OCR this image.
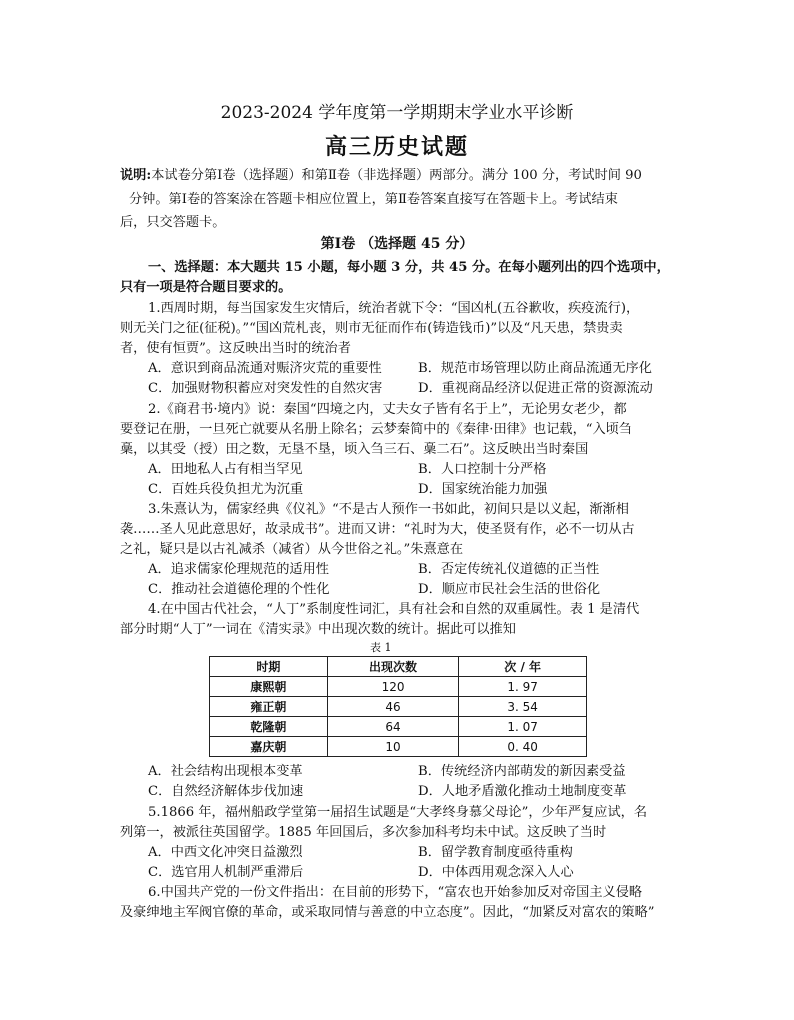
2023-2024 学年度第一学期期末学业水平诊断
高三历史试题
说明:本试卷分第Ⅰ卷（选择题）和第Ⅱ卷（非选择题）两部分。满分 100 分，考试时间 90
分钟。第Ⅰ卷的答案涂在答题卡相应位置上，第Ⅱ卷答案直接写在答题卡上。考试结束
后，只交答题卡。
第Ⅰ卷 （选择题 45 分）
一、选择题：本大题共 15 小题，每小题 3 分，共 45 分。在每小题列出的四个选项中，
只有一项是符合题目要求的。
1.西周时期，每当国家发生灾情后，统治者就下令：“国凶札(五谷歉收，疾疫流行)，
则无关门之征(征税)。”“国凶荒札丧，则市无征而作布(铸造钱币)”以及“凡天患，禁贵卖
者，使有恒贾”。这反映出当时的统治者
A．意识到商品流通对赈济灾荒的重要性	B．规范市场管理以防止商品流通无序化
C．加强财物积蓄应对突发性的自然灾害	D．重视商品经济以促进正常的资源流动
2.《商君书·境内》说：秦国“四境之内，丈夫女子皆有名于上”，无论男女老少，都
要登记在册，一旦死亡就要从名册上除名；云梦秦简中的《秦律·田律》也记载，“入顷刍
稾，以其受（授）田之数，无垦不垦，顷入刍三石、稾二石”。这反映出当时秦国
A．田地私人占有相当罕见	B．人口控制十分严格
C．百姓兵役负担尤为沉重	D．国家统治能力加强
3.朱熹认为，儒家经典《仪礼》“不是古人预作一书如此，初间只是以义起，渐渐相
袭……圣人见此意思好，故录成书”。进而又讲：“礼时为大，使圣贤有作，必不一切从古
之礼，疑只是以古礼减杀（减省）从今世俗之礼。”朱熹意在
A．追求儒家伦理规范的适用性	B．否定传统礼仪道德的正当性
C．推动社会道德伦理的个性化	D．顺应市民社会生活的世俗化
4.在中国古代社会，“人丁”系制度性词汇，具有社会和自然的双重属性。表 1 是清代
部分时期“人丁”一词在《清实录》中出现次数的统计。据此可以推知
表 1
时期	出现次数	次 / 年
康熙朝	120	1. 97
雍正朝	46	3. 54
乾隆朝	64	1. 07
嘉庆朝	10	0. 40
A．社会结构出现根本变革	B．传统经济内部萌发的新因素受益
C．自然经济解体步伐加速	D．人地矛盾激化推动土地制度变革
5.1866 年，福州船政学堂第一届招生试题是“大孝终身慕父母论”，少年严复应试，名
列第一，被派往英国留学。1885 年回国后，多次参加科考均未中试。这反映了当时
A．中西文化冲突日益激烈	B．留学教育制度亟待重构
C．选官用人机制严重滞后	D．中体西用观念深入人心
6.中国共产党的一份文件指出：在目前的形势下，“富农也开始参加反对帝国主义侵略
及豪绅地主军阀官僚的革命，或采取同情与善意的中立态度”。因此，“加紧反对富农的策略”
